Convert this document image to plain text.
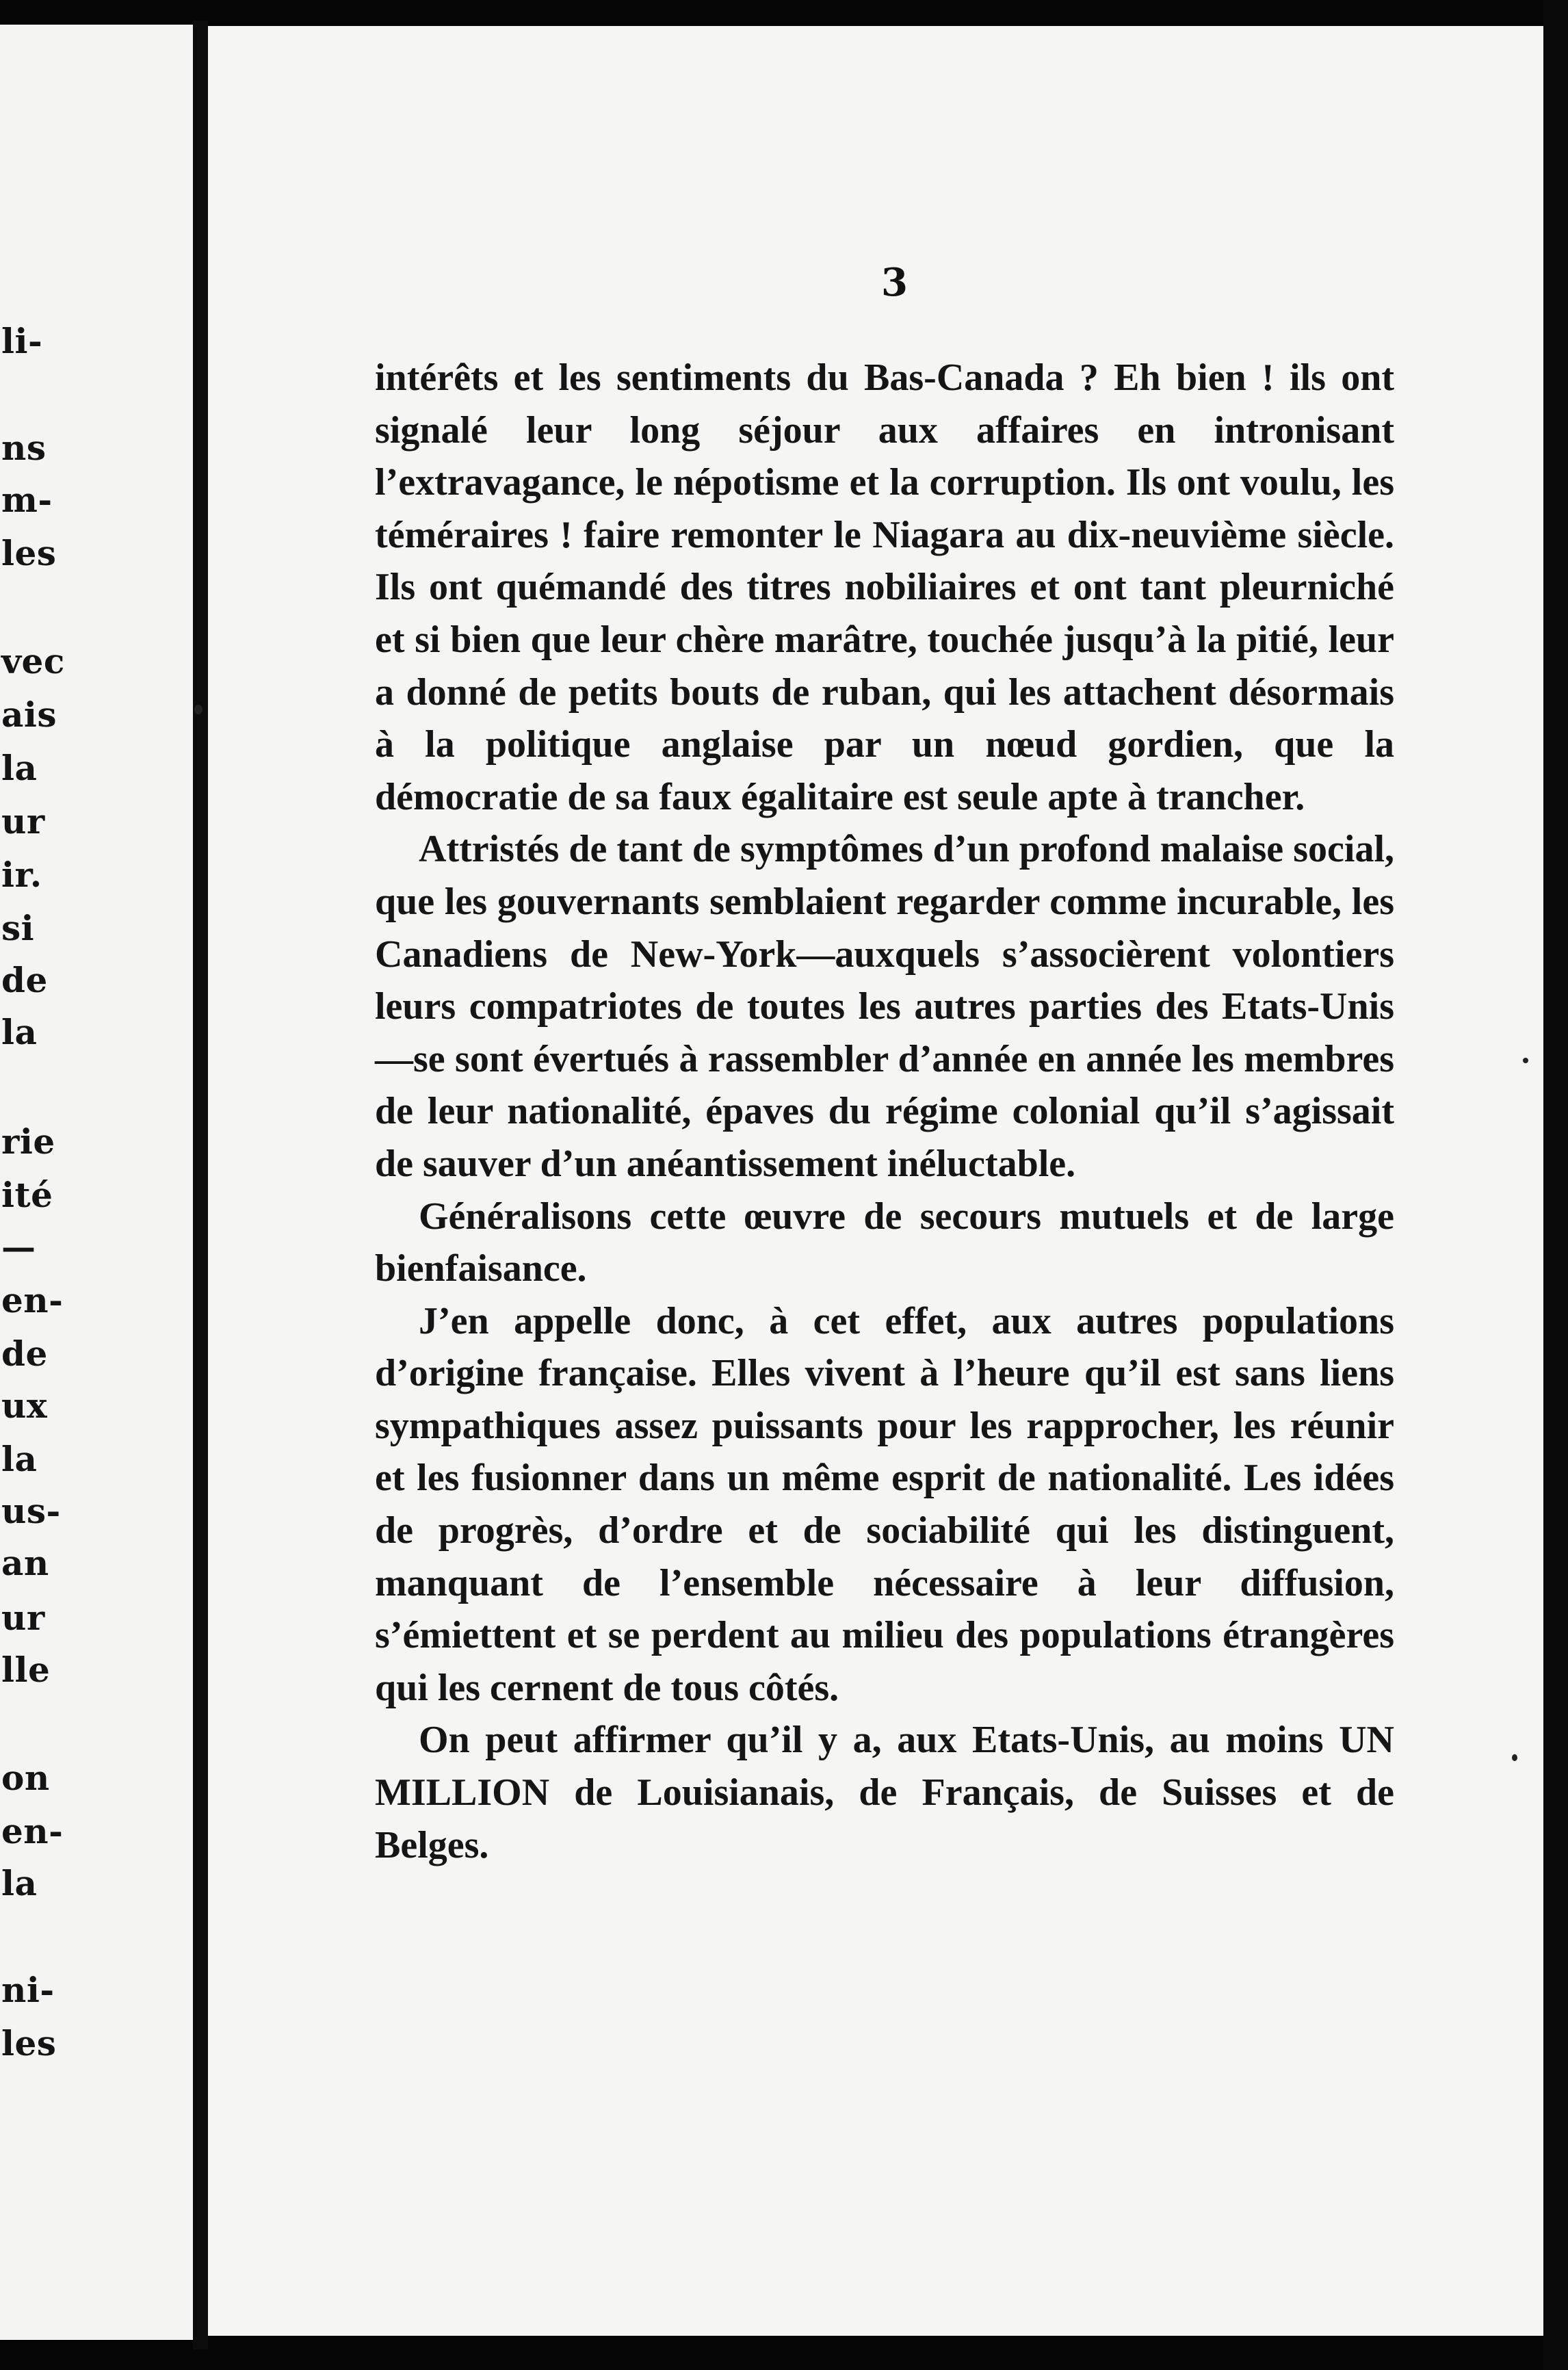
li-
ns
m-
les
vec
ais
la
ur
ir.
si
de
la
rie
ité
—
en-
de
ux
la
us-
an
ur
lle
on
en-
la
ni-
les
3

intérêts et les sentiments du Bas-Canada ? Eh bien ! ils ont signalé leur long séjour aux affaires en intronisant l’extravagance, le népotisme et la corruption. Ils ont voulu, les téméraires ! faire remonter le Niagara au dix-neuvième siècle. Ils ont quémandé des titres nobiliaires et ont tant pleurniché et si bien que leur chère marâtre, touchée jusqu’à la pitié, leur a donné de petits bouts de ruban, qui les attachent désormais à la politique anglaise par un nœud gordien, que la démocratie de sa faux égalitaire est seule apte à trancher.

Attristés de tant de symptômes d’un profond malaise social, que les gouvernants semblaient regarder comme incurable, les Canadiens de New-York—auxquels s’associèrent volontiers leurs compatriotes de toutes les autres parties des Etats-Unis—se sont évertués à rassembler d’année en année les membres de leur nationalité, épaves du régime colonial qu’il s’agissait de sauver d’un anéantissement inéluctable.

Généralisons cette œuvre de secours mutuels et de large bienfaisance.

J’en appelle donc, à cet effet, aux autres populations d’origine française. Elles vivent à l’heure qu’il est sans liens sympathiques assez puissants pour les rapprocher, les réunir et les fusionner dans un même esprit de nationalité. Les idées de progrès, d’ordre et de sociabilité qui les distinguent, manquant de l’ensemble nécessaire à leur diffusion, s’émiettent et se perdent au milieu des populations étrangères qui les cernent de tous côtés.

On peut affirmer qu’il y a, aux Etats-Unis, au moins UN MILLION de Louisianais, de Français, de Suisses et de Belges.
